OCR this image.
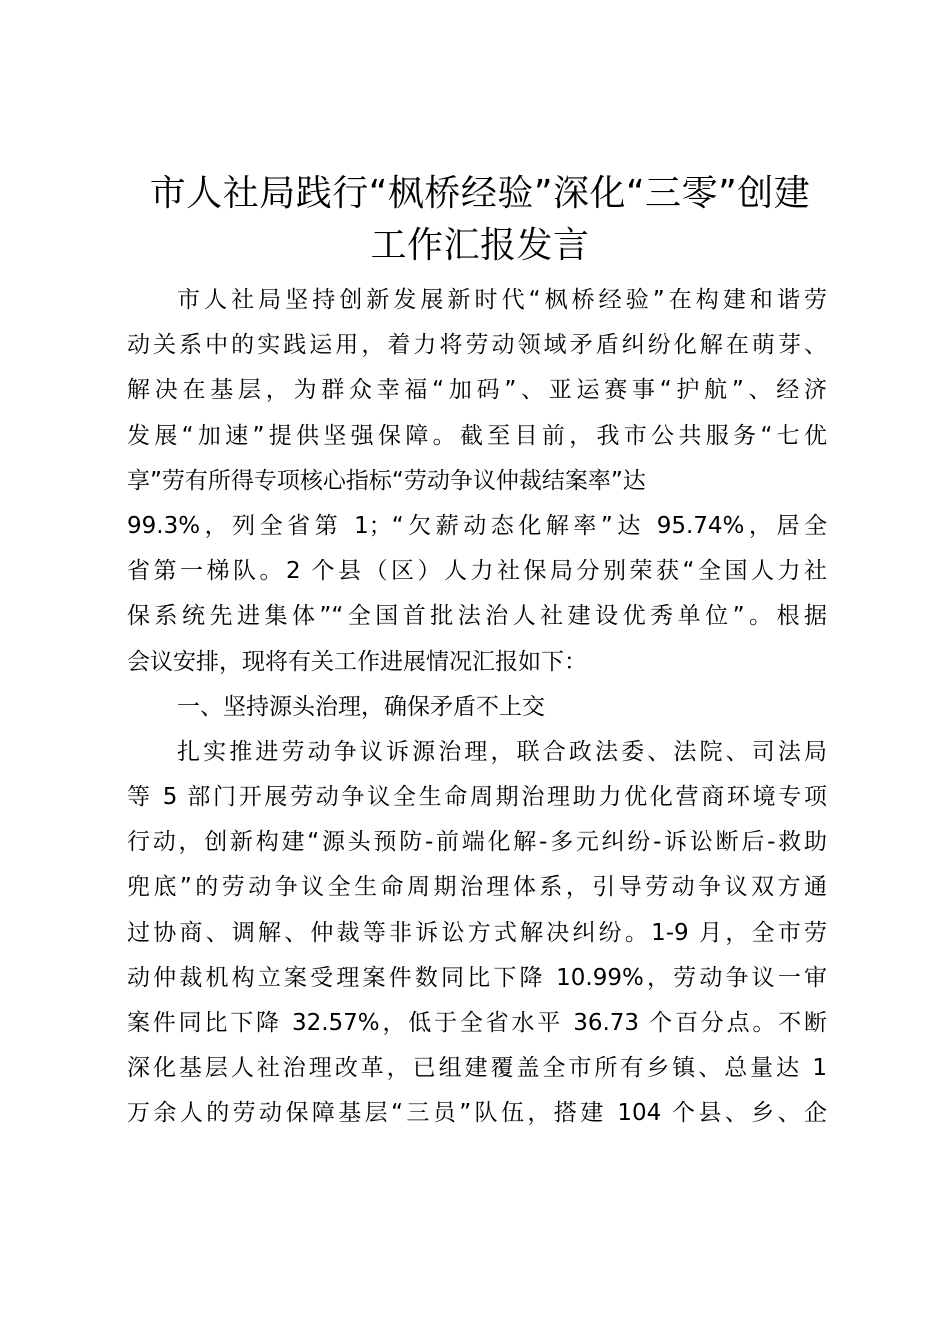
市人社局践行“枫桥经验”深化“三零”创建
工作汇报发言
市人社局坚持创新发展新时代“枫桥经验”在构建和谐劳
动关系中的实践运用，着力将劳动领域矛盾纠纷化解在萌芽、
解决在基层，为群众幸福“加码”、亚运赛事“护航”、经济
发展“加速”提供坚强保障。截至目前，我市公共服务“七优
享”劳有所得专项核心指标“劳动争议仲裁结案率”达
99.3%，列全省第 1；“欠薪动态化解率”达 95.74%，居全
省第一梯队。2 个县（区）人力社保局分别荣获“全国人力社
保系统先进集体”“全国首批法治人社建设优秀单位”。根据
会议安排，现将有关工作进展情况汇报如下：
一、坚持源头治理，确保矛盾不上交
扎实推进劳动争议诉源治理，联合政法委、法院、司法局
等 5 部门开展劳动争议全生命周期治理助力优化营商环境专项
行动，创新构建“源头预防-前端化解-多元纠纷-诉讼断后-救助
兜底”的劳动争议全生命周期治理体系，引导劳动争议双方通
过协商、调解、仲裁等非诉讼方式解决纠纷。1-9 月，全市劳
动仲裁机构立案受理案件数同比下降 10.99%，劳动争议一审
案件同比下降 32.57%，低于全省水平 36.73 个百分点。不断
深化基层人社治理改革，已组建覆盖全市所有乡镇、总量达 1
万余人的劳动保障基层“三员”队伍，搭建 104 个县、乡、企
